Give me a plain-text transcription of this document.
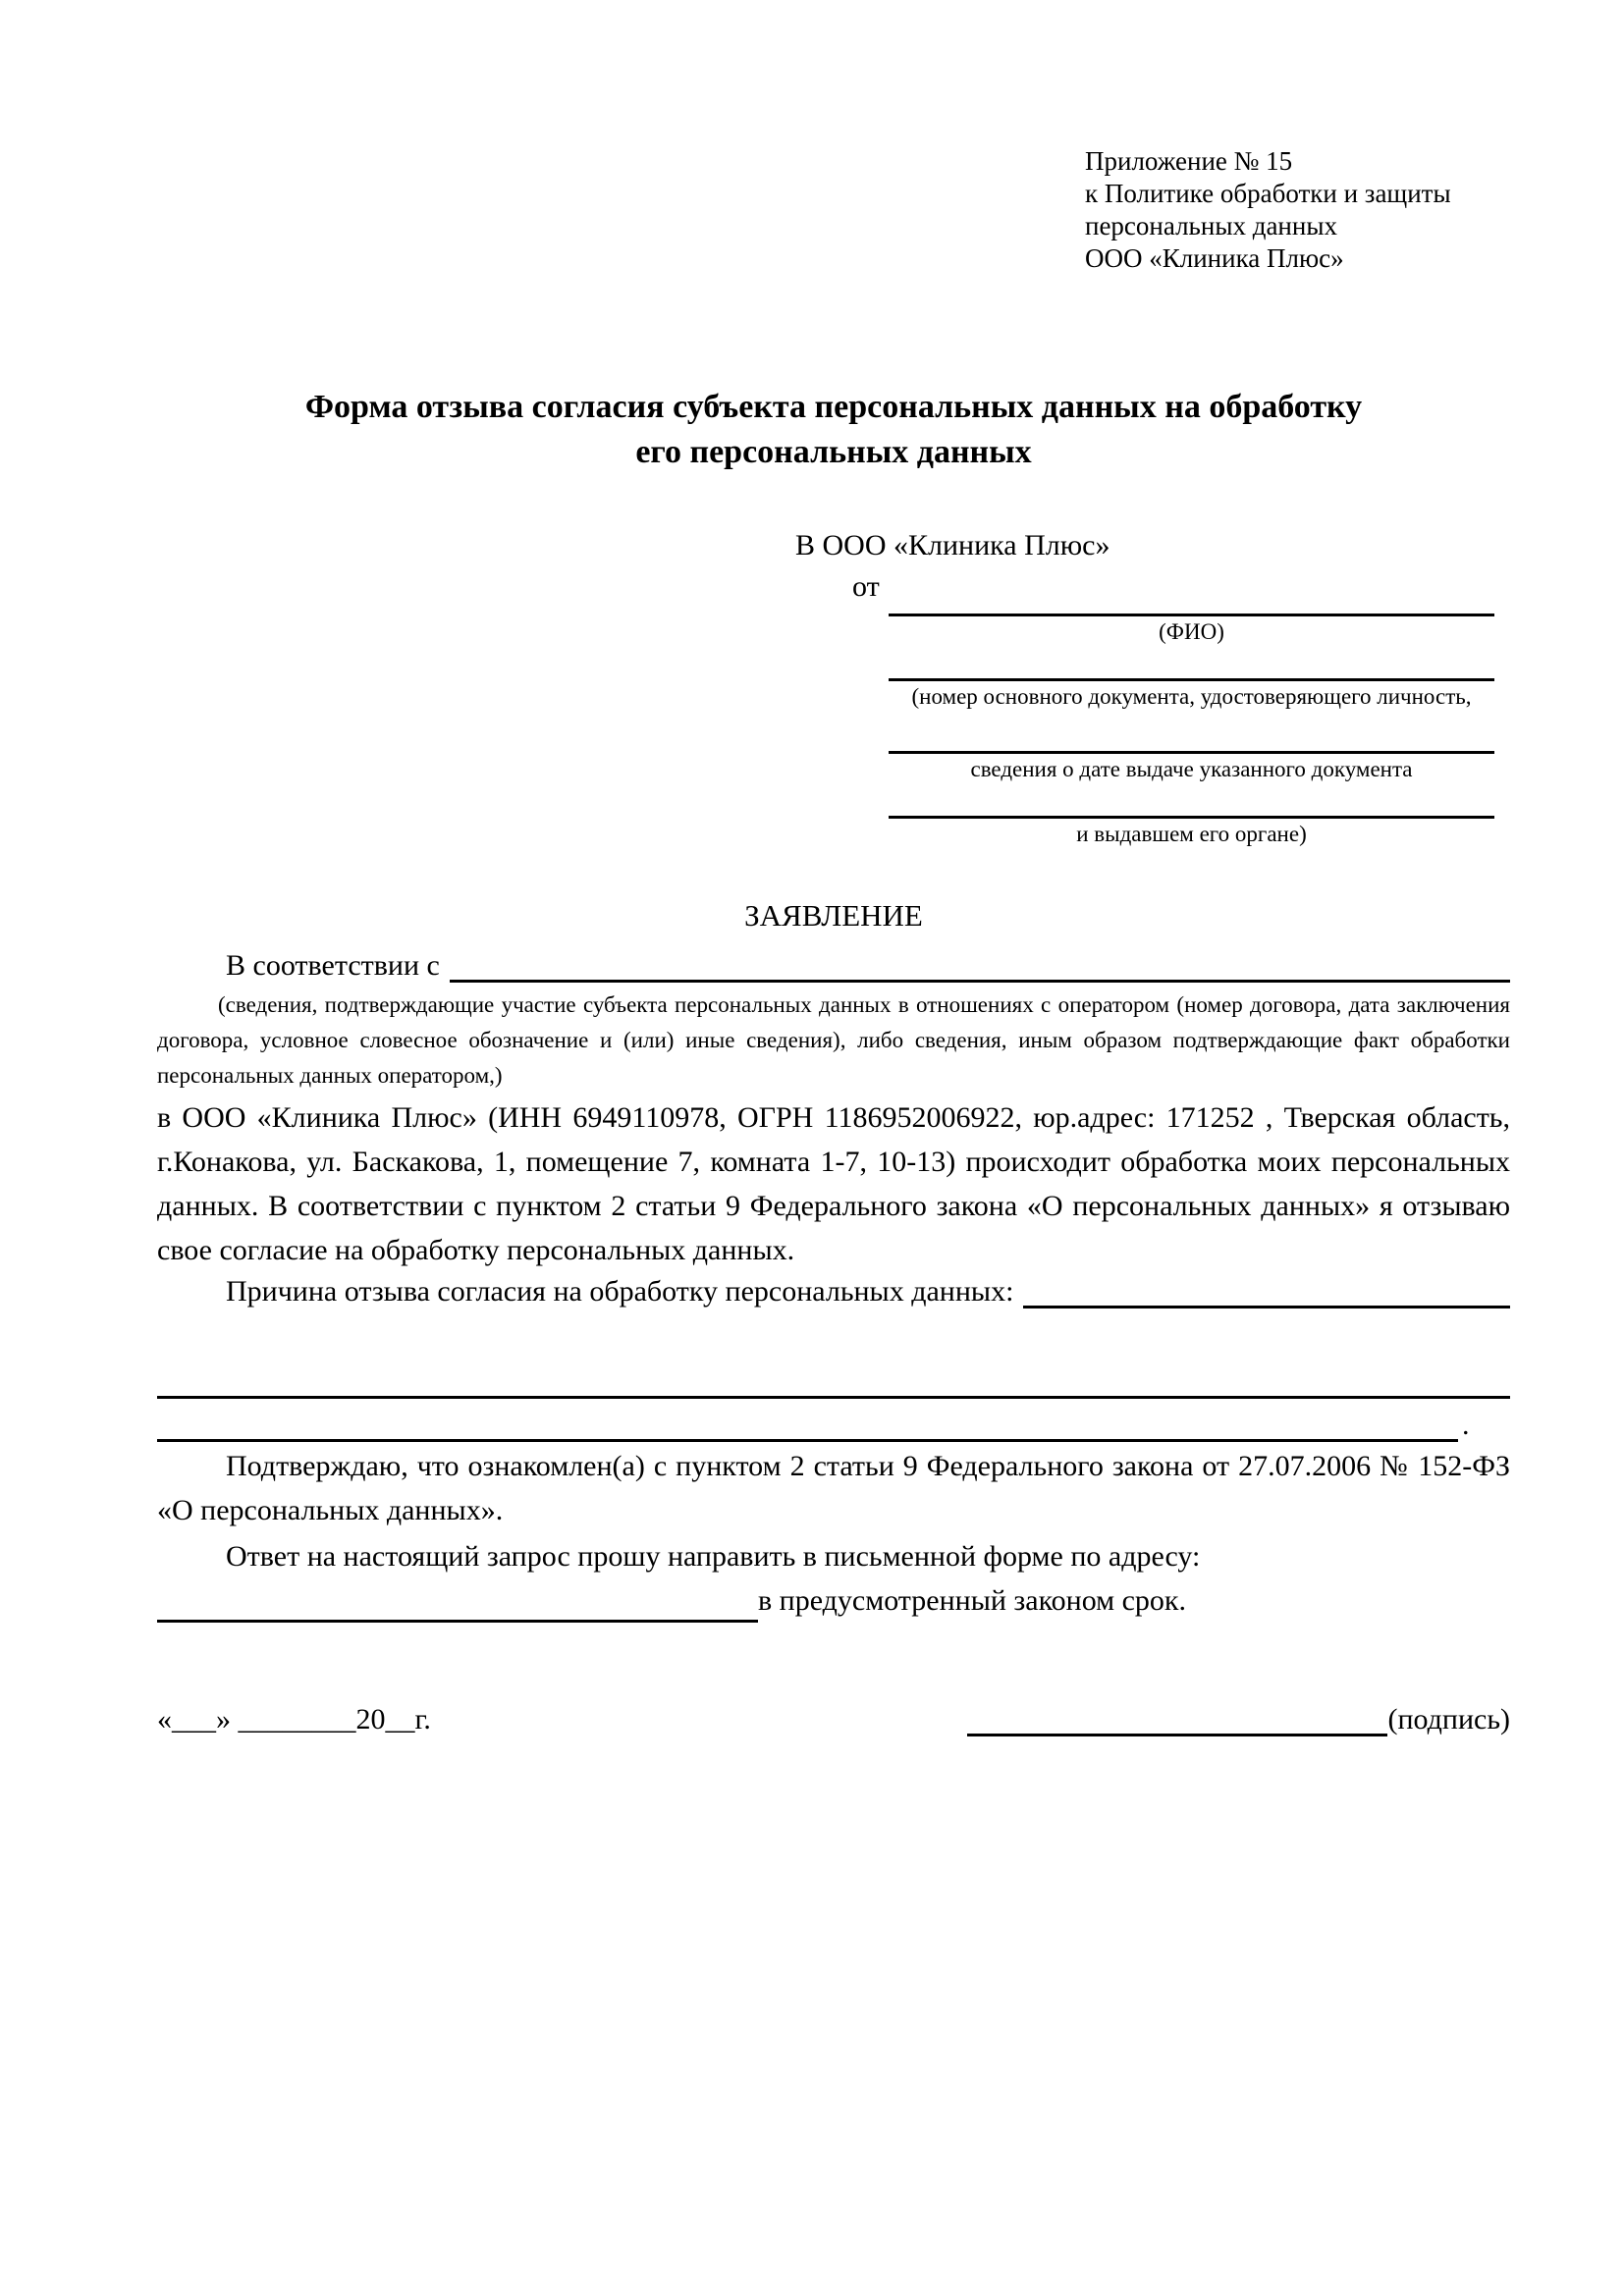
Приложение № 15
к Политике обработки и защиты
персональных данных
ООО «Клиника Плюс»
Форма отзыва согласия субъекта персональных данных на обработку
его персональных данных
В ООО «Клиника Плюс»
от
(ФИО)
(номер основного документа, удостоверяющего личность,
сведения о дате выдаче указанного документа
и выдавшем его органе)
ЗАЯВЛЕНИЕ
В соответствии с

(сведения, подтверждающие участие субъекта персональных данных в отношениях с оператором (номер договора, дата заключения договора, условное словесное обозначение и (или) иные сведения), либо сведения, иным образом подтверждающие факт обработки персональных данных оператором,)

в ООО «Клиника Плюс» (ИНН 6949110978, ОГРН 1186952006922, юр.адрес: 171252 , Тверская область, г.Конакова, ул. Баскакова, 1, помещение 7, комната 1-7, 10-13) происходит обработка моих персональных данных. В соответствии с пунктом 2 статьи 9 Федерального закона «О персональных данных» я отзываю свое согласие на обработку персональных данных.

Причина отзыва согласия на обработку персональных данных:
.

Подтверждаю, что ознакомлен(а) с пунктом 2 статьи 9 Федерального закона от 27.07.2006 № 152-ФЗ «О персональных данных».

Ответ на настоящий запрос прошу направить в письменной форме по адресу:

в предусмотренный законом срок.
«___» ________20__г.	(подпись)
